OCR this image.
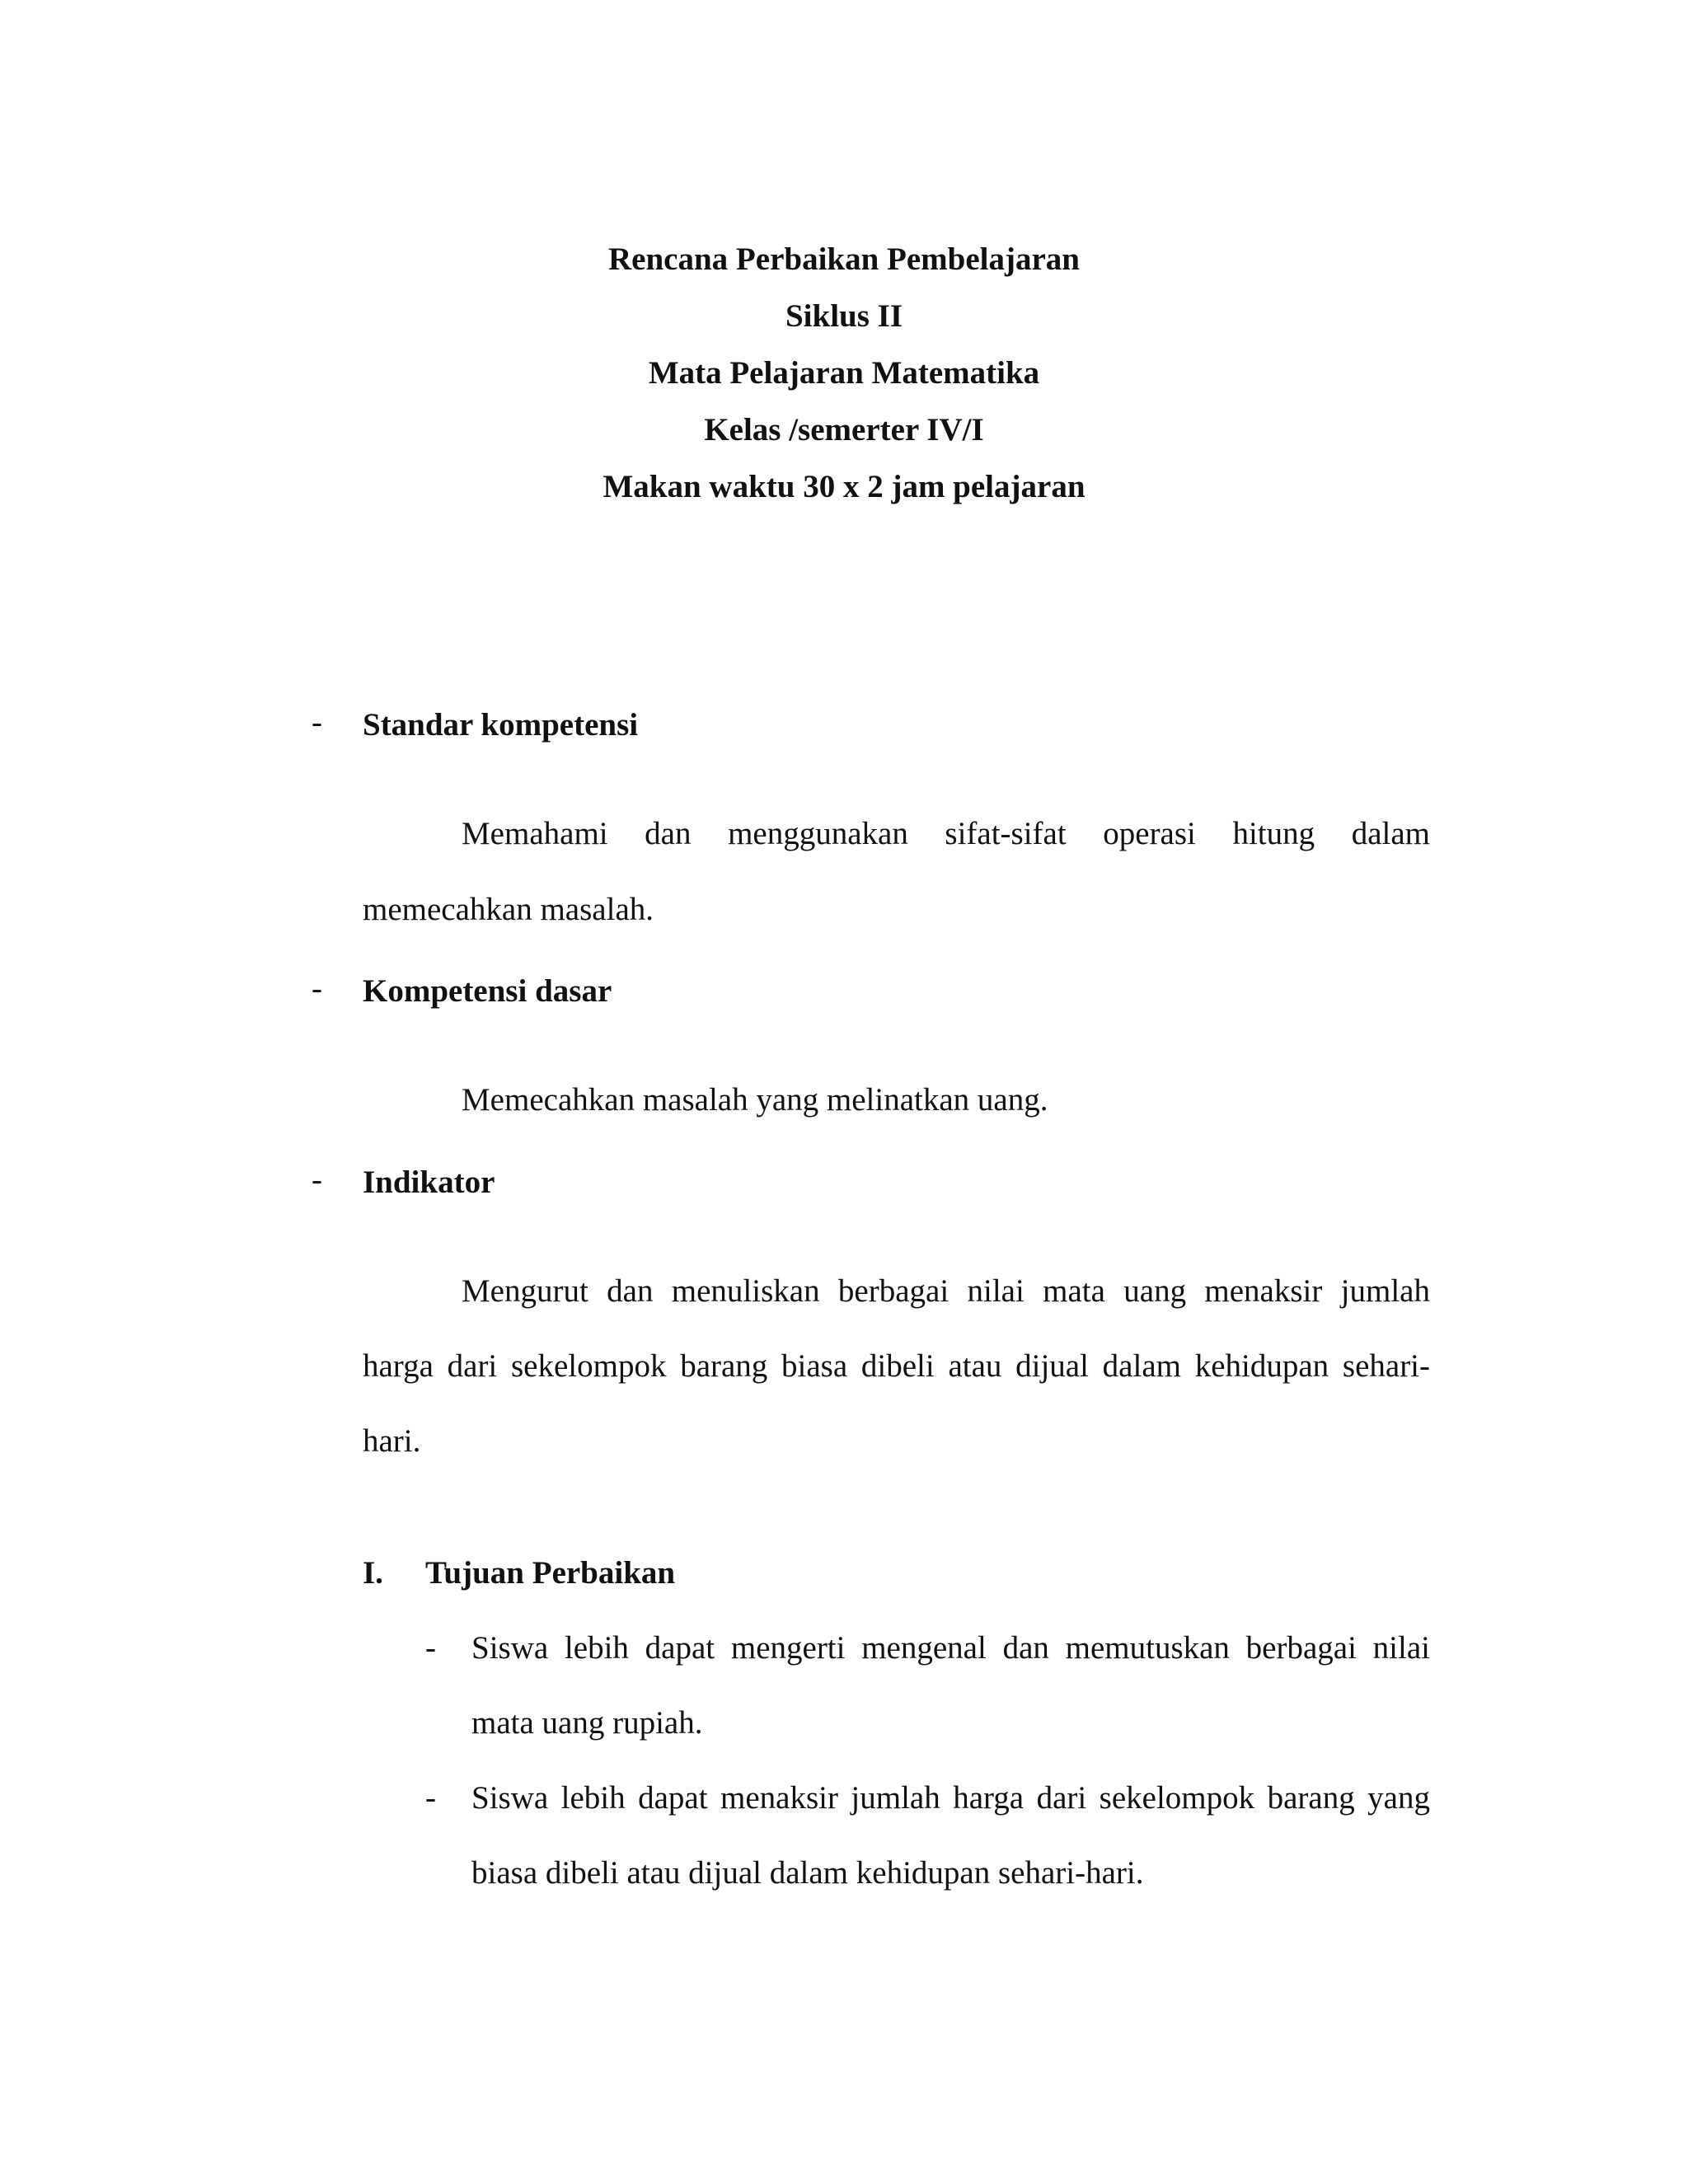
Rencana Perbaikan Pembelajaran
Siklus II
Mata Pelajaran Matematika
Kelas /semerter IV/I
Makan waktu 30 x 2 jam pelajaran
-	Standar kompetensi
Memahami dan menggunakan sifat-sifat operasi hitung dalam
memecahkan masalah.
-	Kompetensi dasar
Memecahkan masalah yang melinatkan uang.
-	Indikator
Mengurut dan menuliskan berbagai nilai mata uang menaksir jumlah
harga dari sekelompok barang biasa dibeli atau dijual dalam kehidupan sehari-
hari.
I. Tujuan Perbaikan
- Siswa lebih dapat mengerti mengenal dan memutuskan berbagai nilai
mata uang rupiah.
- Siswa lebih dapat menaksir jumlah harga dari sekelompok barang yang
biasa dibeli atau dijual dalam kehidupan sehari-hari.
